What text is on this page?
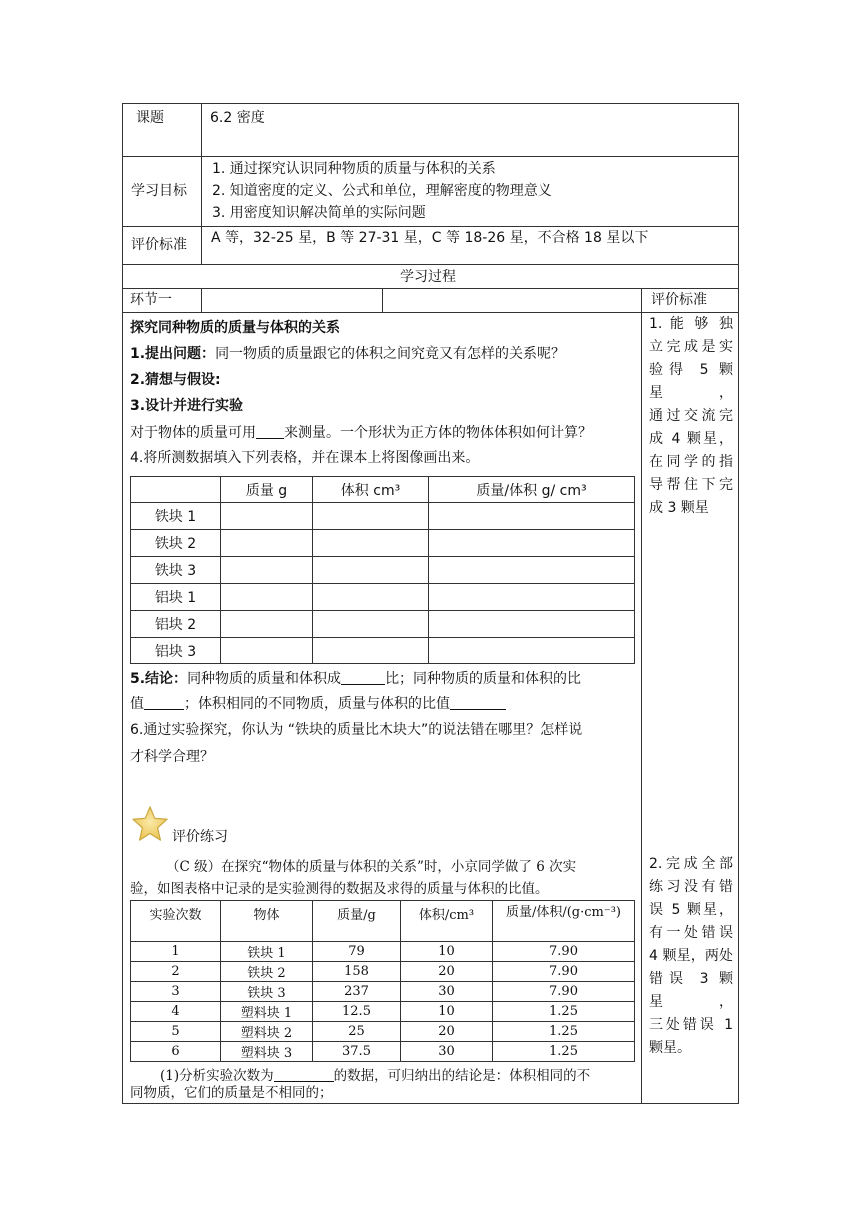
课题	6.2 密度
学习目标
1. 通过探究认识同种物质的质量与体积的关系
2. 知道密度的定义、公式和单位，理解密度的物理意义
3. 用密度知识解决简单的实际问题
评价标准 A 等，32-25 星，B 等 27-31 星，C 等 18-26 星，不合格 18 星以下
学习过程
环节一	评价标准
探究同种物质的质量与体积的关系
1.提出问题：同一物质的质量跟它的体积之间究竟又有怎样的关系呢？
2.猜想与假设:
3.设计并进行实验
对于物体的质量可用 来测量。一个形状为正方体的物体体积如何计算？
4.将所测数据填入下列表格，并在课本上将图像画出来。
	质量 g	体积 cm³	质量/体积 g/ cm³
铁块 1			
铁块 2			
铁块 3			
铝块 1			
铝块 2			
铝块 3			
5.结论：同种物质的质量和体积成	比；同种物质的质量和体积的比
值	；体积相同的不同物质，质量与体积的比值
6.通过实验探究，你认为 “铁块的质量比木块大”的说法错在哪里？怎样说
才科学合理？
1. 能 够 独
立完成是实
验得 5 颗星，
通过交流完
成 4 颗星，
在同学的指
导帮住下完
成 3 颗星
2.完成全部
练习没有错
误 5 颗星，
有一处错误
4 颗星，两处
错误 3 颗星，
三处错误 1
颗星。
评价练习
（C 级）在探究“物体的质量与体积的关系”时，小京同学做了 6 次实
验，如图表格中记录的是实验测得的数据及求得的质量与体积的比值。
实验次数	物体	质量/g	体积/cm³	质量/体积/(g·cm⁻³)
1	铁块 1	79	10	7.90
2	铁块 2	158	20	7.90
3	铁块 3	237	30	7.90
4	塑料块 1	12.5	10	1.25
5	塑料块 2	25	20	1.25
6	塑料块 3	37.5	30	1.25
(1)分析实验次数为	的数据，可归纳出的结论是：体积相同的不
同物质，它们的质量是不相同的；
